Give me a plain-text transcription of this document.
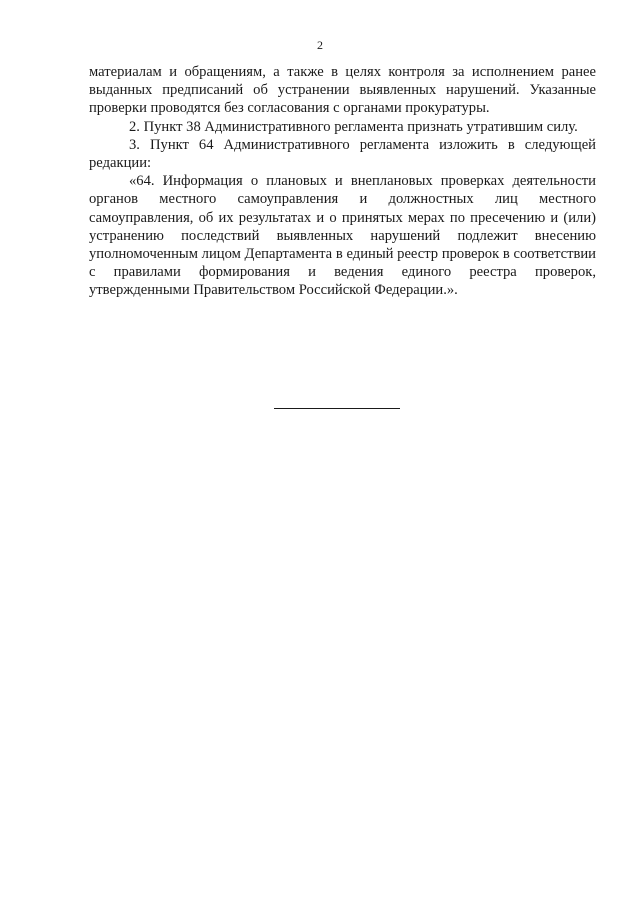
2

материалам и обращениям, а также в целях контроля за исполнением ранее выданных предписаний об устранении выявленных нарушений. Указанные проверки проводятся без согласования с органами прокуратуры.

2. Пункт 38 Административного регламента признать утратившим силу.

3. Пункт 64 Административного регламента изложить в следующей редакции:

«64. Информация о плановых и внеплановых проверках деятельности органов местного самоуправления и должностных лиц местного самоуправления, об их результатах и о принятых мерах по пресечению и (или) устранению последствий выявленных нарушений подлежит внесению уполномоченным лицом Департамента в единый реестр проверок в соответствии с правилами формирования и ведения единого реестра проверок, утвержденными Правительством Российской Федерации.».
